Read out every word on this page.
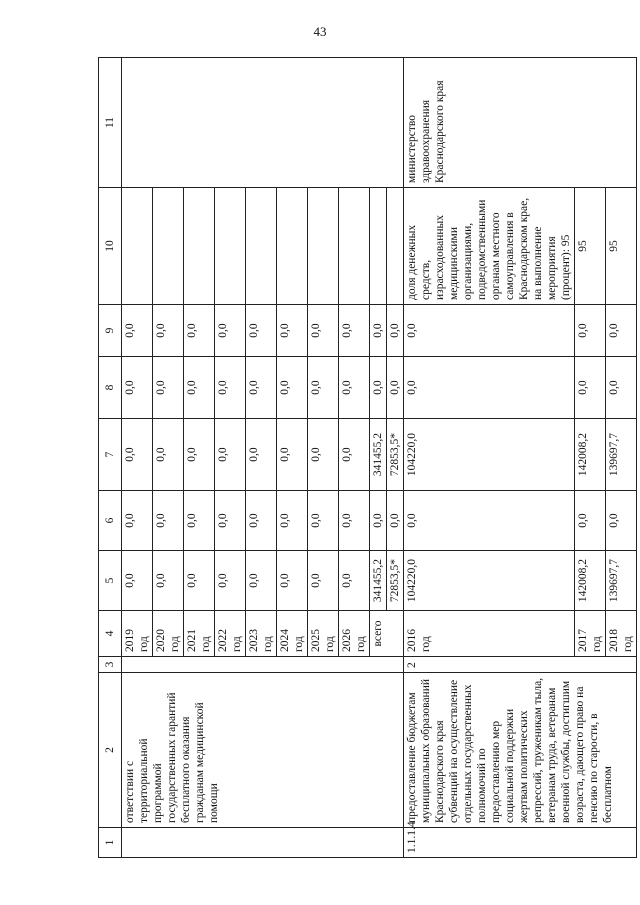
43
1	2	3	4	5	6	7	8	9	10	11
	ответствии с территориальной программой государственных гарантий бесплатного оказания гражданам медицинской помощи		2019 год	0,0	0,0	0,0	0,0	0,0		
			2020 год	0,0	0,0	0,0	0,0	0,0		
			2021 год	0,0	0,0	0,0	0,0	0,0		
			2022 год	0,0	0,0	0,0	0,0	0,0		
			2023 год	0,0	0,0	0,0	0,0	0,0		
			2024 год	0,0	0,0	0,0	0,0	0,0		
			2025 год	0,0	0,0	0,0	0,0	0,0		
			2026 год	0,0	0,0	0,0	0,0	0,0		
			всего	341455,2	0,0	341455,2	0,0	0,0		
				72853,5*	0,0	72853,5*	0,0	0,0		
1.1.1.4	предоставление бюджетам муниципальных образований Краснодарского края субвенций на осуществление отдельных государственных полномочий по предоставлению мер социальной поддержки жертвам политических репрессий, труженикам тыла, ветеранам труда, ветеранам военной службы, достигшим возраста, дающего право на пенсию по старости, в бесплатном	2	2016 год	104220,0	0,0	104220,0	0,0	0,0	доля денежных средств, израсходованных медицинскими организациями, подведомственными органам местного самоуправления в Краснодарском крае, на выполнение мероприятия (процент): 95	министерство здравоохранения Краснодарского края
			2017 год	142008,2	0,0	142008,2	0,0	0,0	95	
			2018 год	139697,7	0,0	139697,7	0,0	0,0	95	
